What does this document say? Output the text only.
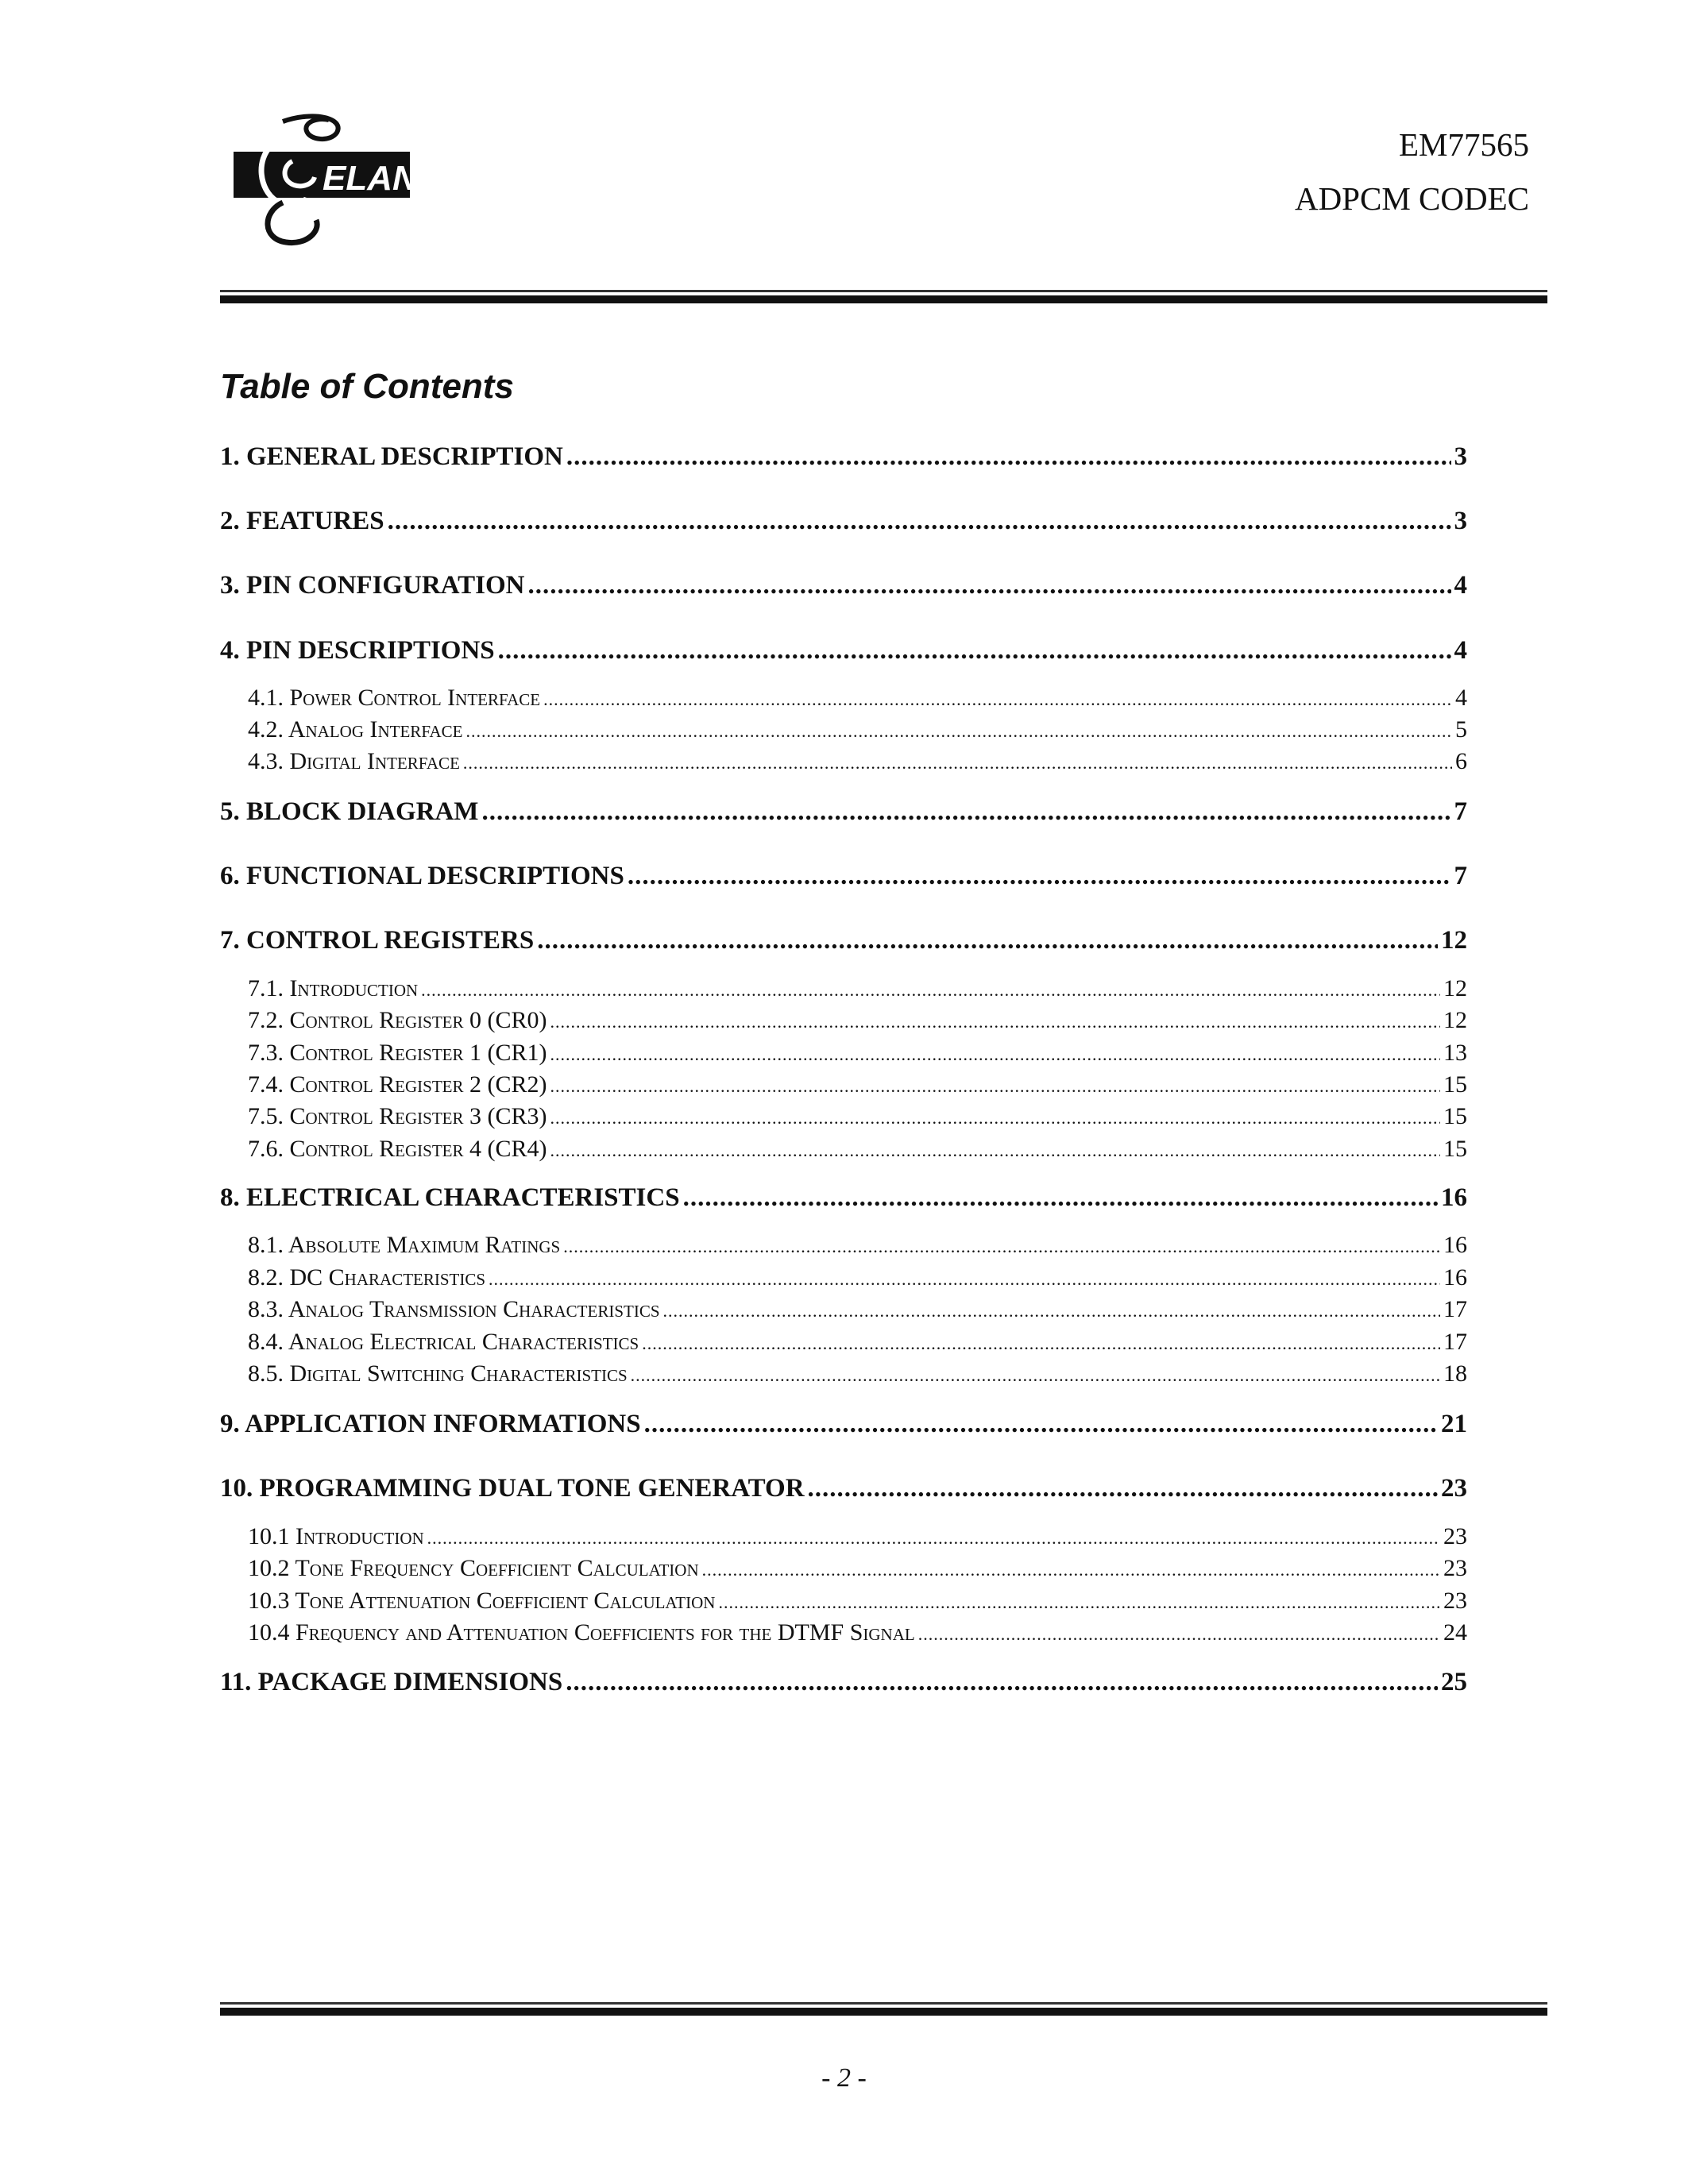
ELAN
EM77565
ADPCM CODEC
Table of Contents
1. GENERAL DESCRIPTION .....	3
2. FEATURES .....	3
3. PIN CONFIGURATION .....	4
4. PIN DESCRIPTIONS .....	4
4.1. Power Control Interface .....	4
4.2. Analog Interface .....	5
4.3. Digital Interface .....	6
5. BLOCK DIAGRAM .....	7
6. FUNCTIONAL DESCRIPTIONS .....	7
7. CONTROL REGISTERS .....	12
7.1. Introduction .....	12
7.2. Control Register 0 (CR0) .....	12
7.3. Control Register 1 (CR1) .....	13
7.4. Control Register 2 (CR2) .....	15
7.5. Control Register 3 (CR3) .....	15
7.6. Control Register 4 (CR4) .....	15
8. ELECTRICAL CHARACTERISTICS .....	16
8.1. Absolute Maximum Ratings .....	16
8.2. DC Characteristics .....	16
8.3. Analog Transmission Characteristics .....	17
8.4. Analog Electrical Characteristics .....	17
8.5. Digital Switching Characteristics .....	18
9. APPLICATION INFORMATIONS .....	21
10. PROGRAMMING DUAL TONE GENERATOR .....	23
10.1 Introduction .....	23
10.2 Tone Frequency Coefficient Calculation .....	23
10.3 Tone Attenuation Coefficient Calculation .....	23
10.4 Frequency and Attenuation Coefficients for the DTMF Signal .....	24
11. PACKAGE DIMENSIONS .....	25
- 2 -
